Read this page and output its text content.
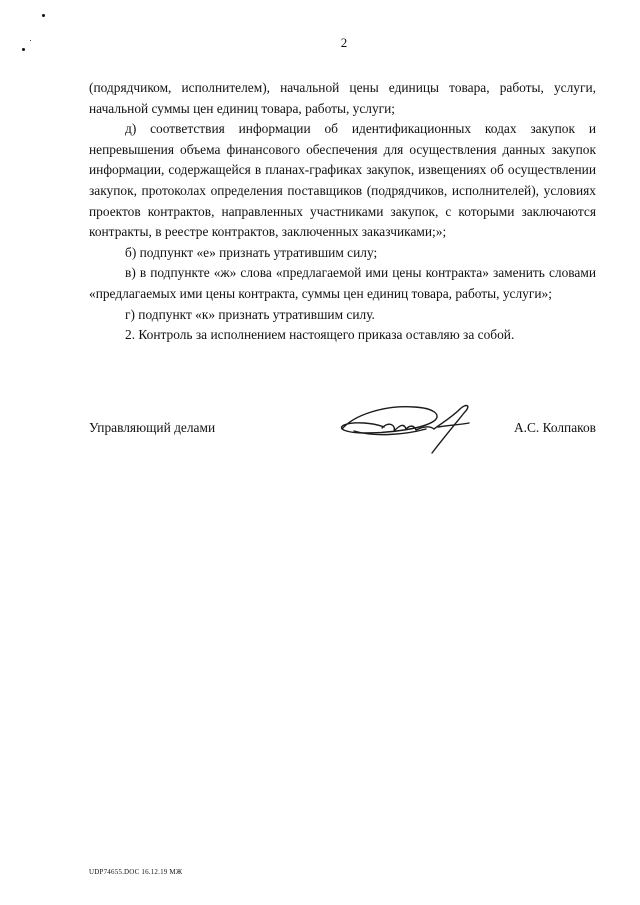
2

(подрядчиком, исполнителем), начальной цены единицы товара, работы, услуги, начальной суммы цен единиц товара, работы, услуги;

д) соответствия информации об идентификационных кодах закупок и непревышения объема финансового обеспечения для осуществления данных закупок информации, содержащейся в планах-графиках закупок, извещениях об осуществлении закупок, протоколах определения поставщиков (подрядчиков, исполнителей), условиях проектов контрактов, направленных участниками закупок, с которыми заключаются контракты, в реестре контрактов, заключенных заказчиками;»;

б) подпункт «е» признать утратившим силу;

в) в подпункте «ж» слова «предлагаемой ими цены контракта» заменить словами «предлагаемых ими цены контракта, суммы цен единиц товара, работы, услуги»;

г) подпункт «к» признать утратившим силу.

2. Контроль за исполнением настоящего приказа оставляю за собой.

Управляющий делами	А.С. Колпаков
UDP74655.DOC 16.12.19 МЖ
